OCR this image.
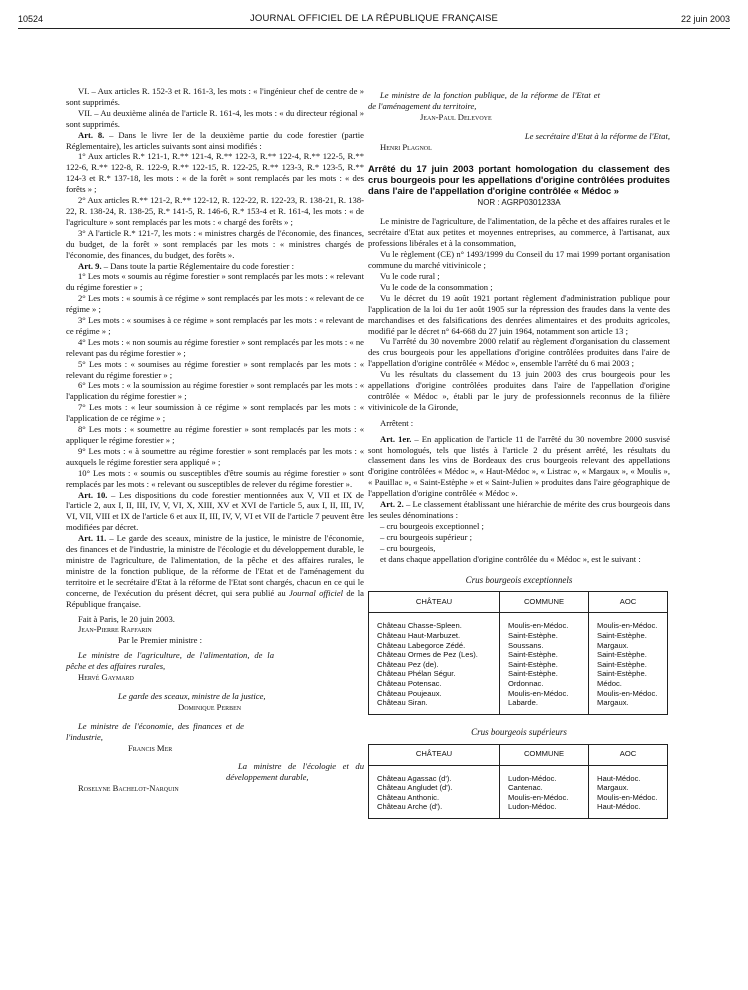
10524	JOURNAL OFFICIEL DE LA RÉPUBLIQUE FRANÇAISE	22 juin 2003

VI. – Aux articles R. 152-3 et R. 161-3, les mots : « l'ingénieur chef de centre de » sont supprimés.

VII. – Au deuxième alinéa de l'article R. 161-4, les mots : « du directeur régional » sont supprimés.

Art. 8. – Dans le livre Ier de la deuxième partie du code forestier (partie Réglementaire), les articles suivants sont ainsi modifiés :

1° Aux articles R.* 121-1, R.** 121-4, R.** 122-3, R.** 122-4, R.** 122-5, R.** 122-6, R.** 122-8, R. 122-9, R.** 122-15, R. 122-25, R.** 123-3, R.* 123-5, R.** 124-3 et R.* 137-18, les mots : « de la forêt » sont remplacés par les mots : « des forêts » ;

2° Aux articles R.** 121-2, R.** 122-12, R. 122-22, R. 122-23, R. 138-21, R. 138-22, R. 138-24, R. 138-25, R.* 141-5, R. 146-6, R.* 153-4 et R. 161-4, les mots : « de l'agriculture » sont remplacés par les mots : « chargé des forêts » ;

3° A l'article R.* 121-7, les mots : « ministres chargés de l'économie, des finances, du budget, de la forêt » sont remplacés par les mots : « ministres chargés de l'économie, des finances, du budget, des forêts ».

Art. 9. – Dans toute la partie Réglementaire du code forestier :

1° Les mots « soumis au régime forestier » sont remplacés par les mots : « relevant du régime forestier » ;

2° Les mots : « soumis à ce régime » sont remplacés par les mots : « relevant de ce régime » ;

3° Les mots : « soumises à ce régime » sont remplacés par les mots : « relevant de ce régime » ;

4° Les mots : « non soumis au régime forestier » sont remplacés par les mots : « ne relevant pas du régime forestier » ;

5° Les mots : « soumises au régime forestier » sont remplacés par les mots : « relevant du régime forestier » ;

6° Les mots : « la soumission au régime forestier » sont remplacés par les mots : « l'application du régime forestier » ;

7° Les mots : « leur soumission à ce régime » sont remplacés par les mots : « l'application de ce régime » ;

8° Les mots : « soumettre au régime forestier » sont remplacés par les mots : « appliquer le régime forestier » ;

9° Les mots : « à soumettre au régime forestier » sont remplacés par les mots : « auxquels le régime forestier sera appliqué » ;

10° Les mots : « soumis ou susceptibles d'être soumis au régime forestier » sont remplacés par les mots : « relevant ou susceptibles de relever du régime forestier ».

Art. 10. – Les dispositions du code forestier mentionnées aux V, VII et IX de l'article 2, aux I, II, III, IV, V, VI, X, XIII, XV et XVI de l'article 5, aux I, II, III, IV, VI, VII, VIII et IX de l'article 6 et aux II, III, IV, V, VI et VII de l'article 7 peuvent être modifiées par décret.

Art. 11. – Le garde des sceaux, ministre de la justice, le ministre de l'économie, des finances et de l'industrie, la ministre de l'écologie et du développement durable, le ministre de l'agriculture, de l'alimentation, de la pêche et des affaires rurales, le ministre de la fonction publique, de la réforme de l'Etat et de l'aménagement du territoire et le secrétaire d'Etat à la réforme de l'Etat sont chargés, chacun en ce qui le concerne, de l'exécution du présent décret, qui sera publié au Journal officiel de la République française.

Fait à Paris, le 20 juin 2003.

Jean-Pierre Raffarin

Par le Premier ministre :

Le ministre de l'agriculture, de l'alimentation, de la pêche et des affaires rurales,

Hervé Gaymard

Le garde des sceaux, ministre de la justice,

Dominique Perben

Le ministre de l'économie, des finances et de l'industrie,

Francis Mer

La ministre de l'écologie et du développement durable,

Roselyne Bachelot-Narquin

Le ministre de la fonction publique, de la réforme de l'Etat et de l'aménagement du territoire,

Jean-Paul Delevoye

Le secrétaire d'Etat à la réforme de l'Etat,

Henri Plagnol

Arrêté du 17 juin 2003 portant homologation du classement des crus bourgeois pour les appellations d'origine contrôlées produites dans l'aire de l'appellation d'origine contrôlée « Médoc »
NOR : AGRP0301233A

Le ministre de l'agriculture, de l'alimentation, de la pêche et des affaires rurales et le secrétaire d'Etat aux petites et moyennes entreprises, au commerce, à l'artisanat, aux professions libérales et à la consommation,

Vu le règlement (CE) n° 1493/1999 du Conseil du 17 mai 1999 portant organisation commune du marché vitivinicole ;

Vu le code rural ;

Vu le code de la consommation ;

Vu le décret du 19 août 1921 portant règlement d'administration publique pour l'application de la loi du 1er août 1905 sur la répression des fraudes dans la vente des marchandises et des falsifications des denrées alimentaires et des produits agricoles, modifié par le décret n° 64-668 du 27 juin 1964, notamment son article 13 ;

Vu l'arrêté du 30 novembre 2000 relatif au règlement d'organisation du classement des crus bourgeois pour les appellations d'origine contrôlées produites dans l'aire de l'appellation d'origine contrôlée « Médoc », ensemble l'arrêté du 6 mai 2003 ;

Vu les résultats du classement du 13 juin 2003 des crus bourgeois pour les appellations d'origine contrôlées produites dans l'aire de l'appellation d'origine contrôlée « Médoc », établi par le jury de professionnels reconnus de la filière vitivinicole de la Gironde,

Arrêtent :

Art. 1er. – En application de l'article 11 de l'arrêté du 30 novembre 2000 susvisé sont homologués, tels que listés à l'article 2 du présent arrêté, les résultats du classement dans les vins de Bordeaux des crus bourgeois relevant des appellations d'origine contrôlées « Médoc », « Haut-Médoc », « Listrac », « Margaux », « Moulis », « Pauillac », « Saint-Estèphe » et « Saint-Julien » produites dans l'aire géographique de l'appellation d'origine contrôlée « Médoc ».

Art. 2. – Le classement établissant une hiérarchie de mérite des crus bourgeois dans les seules dénominations :

– cru bourgeois exceptionnel ;

– cru bourgeois supérieur ;

– cru bourgeois,

et dans chaque appellation d'origine contrôlée du « Médoc », est le suivant :

Crus bourgeois exceptionnels
CHÂTEAU	COMMUNE	AOC
Château Chasse-Spleen.	Moulis-en-Médoc.	Moulis-en-Médoc.
Château Haut-Marbuzet.	Saint-Estèphe.	Saint-Estèphe.
Château Labegorce Zédé.	Soussans.	Margaux.
Château Ormes de Pez (Les).	Saint-Estèphe.	Saint-Estèphe.
Château Pez (de).	Saint-Estèphe.	Saint-Estèphe.
Château Phélan Ségur.	Saint-Estèphe.	Saint-Estèphe.
Château Potensac.	Ordonnac.	Médoc.
Château Poujeaux.	Moulis-en-Médoc.	Moulis-en-Médoc.
Château Siran.	Labarde.	Margaux.
Crus bourgeois supérieurs
CHÂTEAU	COMMUNE	AOC
Château Agassac (d').	Ludon-Médoc.	Haut-Médoc.
Château Angludet (d').	Cantenac.	Margaux.
Château Anthonic.	Moulis-en-Médoc.	Moulis-en-Médoc.
Château Arche (d').	Ludon-Médoc.	Haut-Médoc.
